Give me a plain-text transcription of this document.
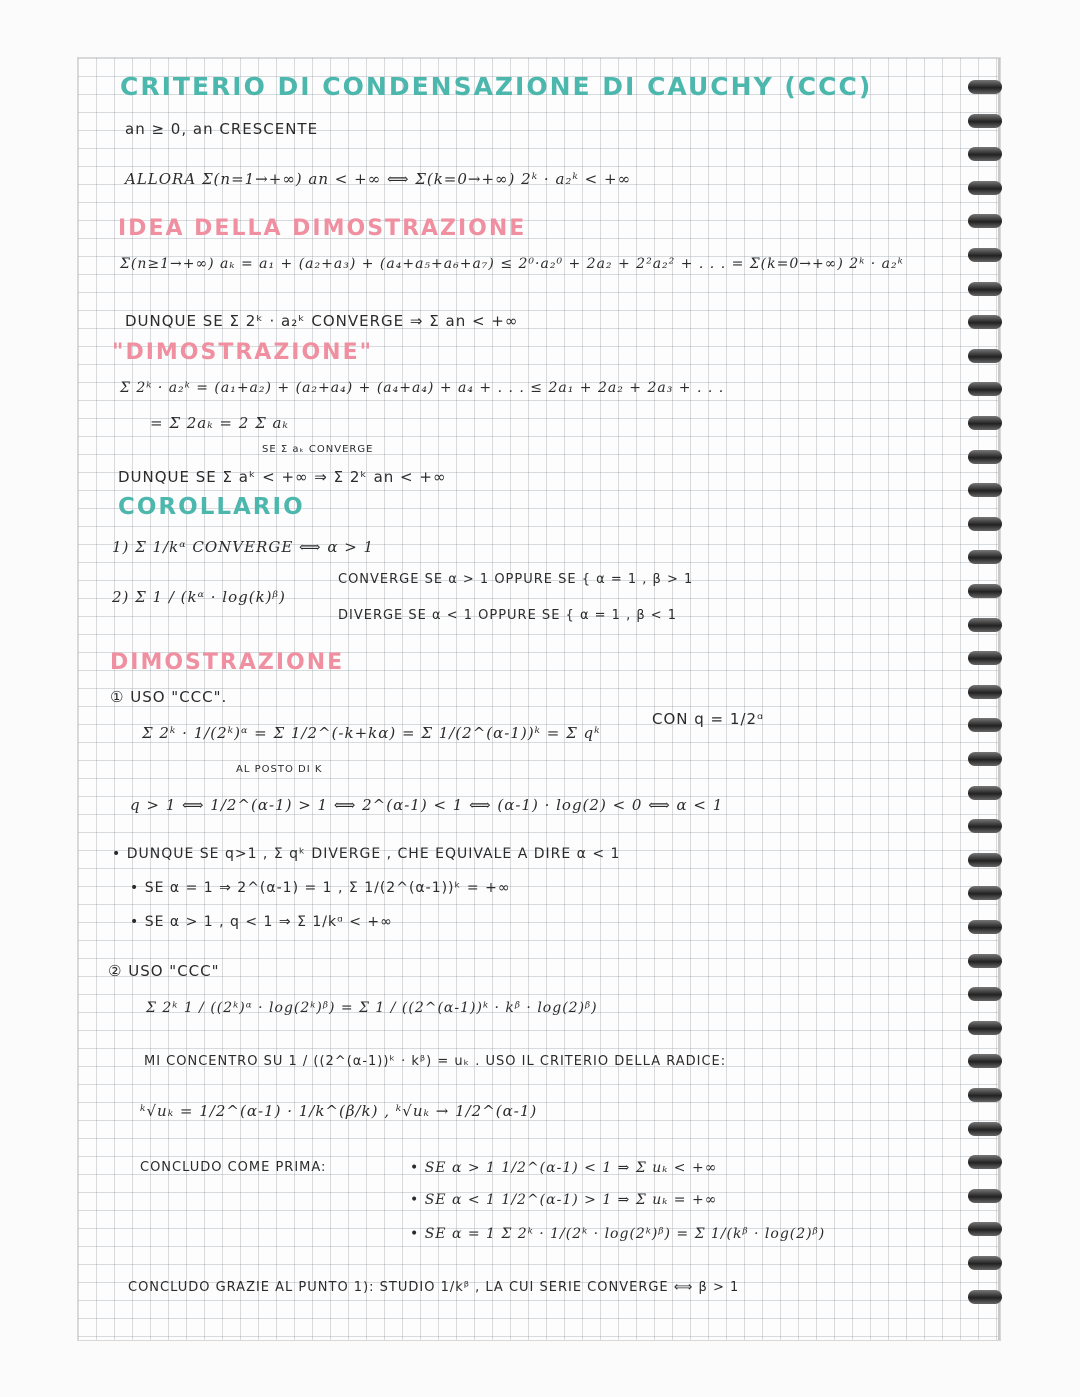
CRITERIO DI CONDENSAZIONE DI CAUCHY (CCC)
an ≥ 0, an CRESCENTE
ALLORA Σ(n=1→+∞) an < +∞ ⟺ Σ(k=0→+∞) 2ᵏ · a₂ᵏ < +∞
IDEA DELLA DIMOSTRAZIONE
Σ(n≥1→+∞) aₖ = a₁ + (a₂+a₃) + (a₄+a₅+a₆+a₇) ≤ 2⁰·a₂⁰ + 2a₂ + 2²a₂² + . . . = Σ(k=0→+∞) 2ᵏ · a₂ᵏ
DUNQUE SE Σ 2ᵏ · a₂ᵏ CONVERGE ⇒ Σ an < +∞
"DIMOSTRAZIONE"
Σ 2ᵏ · a₂ᵏ = (a₁+a₂) + (a₂+a₄) + (a₄+a₄) + a₄ + . . . ≤ 2a₁ + 2a₂ + 2a₃ + . . .
= Σ 2aₖ = 2 Σ aₖ
SE Σ aₖ CONVERGE
DUNQUE SE Σ aᵏ < +∞ ⇒ Σ 2ᵏ an < +∞
COROLLARIO
1) Σ 1/kᵅ CONVERGE ⟺ α > 1
2) Σ 1 / (kᵅ · log(k)ᵝ)
CONVERGE SE α > 1 OPPURE SE { α = 1 , β > 1
DIVERGE SE α < 1 OPPURE SE { α = 1 , β < 1
DIMOSTRAZIONE
① USO "CCC".
Σ 2ᵏ · 1/(2ᵏ)ᵅ = Σ 1/2^(-k+kα) = Σ 1/(2^(α-1))ᵏ = Σ qᵏ
CON q = 1/2ᵅ
AL POSTO DI K
q > 1 ⟺ 1/2^(α-1) > 1 ⟺ 2^(α-1) < 1 ⟺ (α-1) · log(2) < 0 ⟺ α < 1
• DUNQUE SE q>1 , Σ qᵏ DIVERGE , CHE EQUIVALE A DIRE α < 1
• SE α = 1 ⇒ 2^(α-1) = 1 , Σ 1/(2^(α-1))ᵏ = +∞
• SE α > 1 , q < 1 ⇒ Σ 1/kᵅ < +∞
② USO "CCC"
Σ 2ᵏ 1 / ((2ᵏ)ᵅ · log(2ᵏ)ᵝ) = Σ 1 / ((2^(α-1))ᵏ · kᵝ · log(2)ᵝ)
MI CONCENTRO SU 1 / ((2^(α-1))ᵏ · kᵝ) = uₖ . USO IL CRITERIO DELLA RADICE:
ᵏ√uₖ = 1/2^(α-1) · 1/k^(β/k) , ᵏ√uₖ → 1/2^(α-1)
CONCLUDO COME PRIMA:	• SE α > 1 1/2^(α-1) < 1 ⇒ Σ uₖ < +∞
• SE α < 1 1/2^(α-1) > 1 ⇒ Σ uₖ = +∞
• SE α = 1 Σ 2ᵏ · 1/(2ᵏ · log(2ᵏ)ᵝ) = Σ 1/(kᵝ · log(2)ᵝ)
CONCLUDO GRAZIE AL PUNTO 1): STUDIO 1/kᵝ , LA CUI SERIE CONVERGE ⟺ β > 1
